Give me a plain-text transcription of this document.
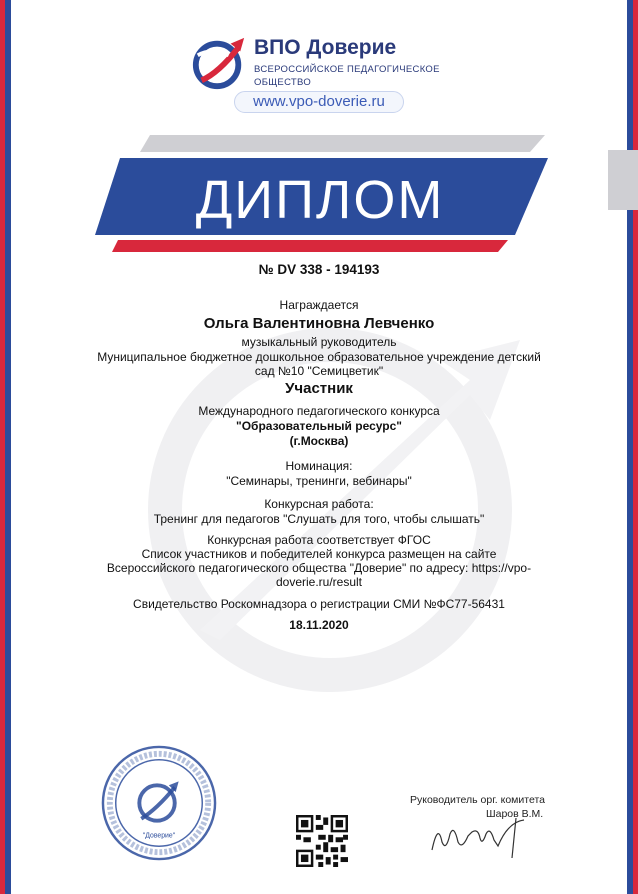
ВПО Доверие
ВСЕРОССИЙСКОЕ ПЕДАГОГИЧЕСКОЕ
ОБЩЕСТВО
www.vpo-doverie.ru
ДИПЛОМ
№ DV 338 - 194193
Награждается
Ольга Валентиновна Левченко
музыкальный руководитель
Муниципальное бюджетное дошкольное образовательное учреждение детский
сад №10 "Семицветик"
Участник
Международного педагогического конкурса
"Образовательный ресурс"
(г.Москва)
Номинация:
"Семинары, тренинги, вебинары"
Конкурсная работа:
Тренинг для педагогов "Слушать для того, чтобы слышать"
Конкурсная работа соответствует ФГОС
Список участников и победителей конкурса размещен на сайте
Всероссийского педагогического общества "Доверие" по адресу: https://vpo-
doverie.ru/result
Свидетельство Роскомнадзора о регистрации СМИ №ФС77-56431
18.11.2020
"Доверие"
Руководитель орг. комитета
Шаров В.М.
